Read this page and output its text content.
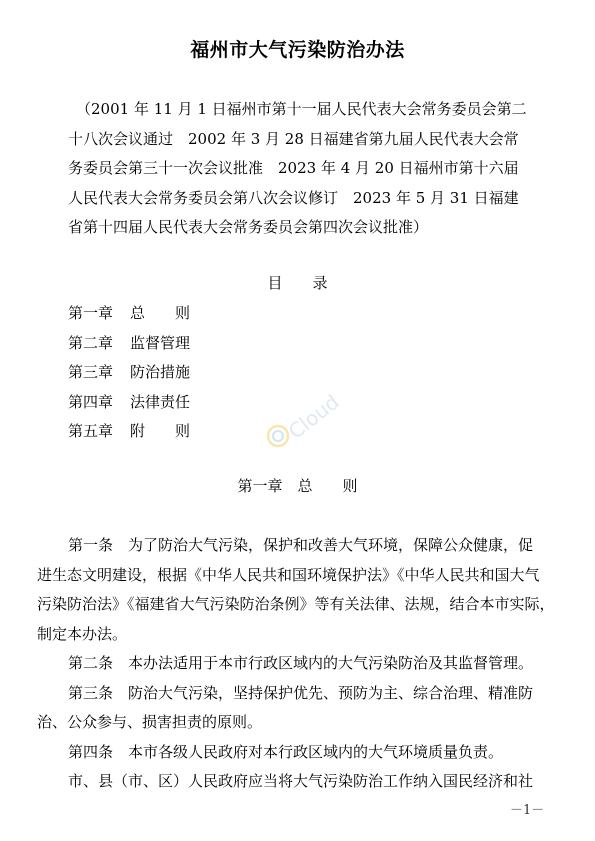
福州市大气污染防治办法
（2001 年 11 月 1 日福州市第十一届人民代表大会常务委员会第二
十八次会议通过　2002 年 3 月 28 日福建省第九届人民代表大会常
务委员会第三十一次会议批准　2023 年 4 月 20 日福州市第十六届
人民代表大会常务委员会第八次会议修订　2023 年 5 月 31 日福建
省第十四届人民代表大会常务委员会第四次会议批准）
目　　录
第一章 总　　则
第二章 监督管理
第三章 防治措施
第四章 法律责任
第五章 附　　则	Cloud
第一章　总　　则
第一条　为了防治大气污染，保护和改善大气环境，保障公众健康，促
进生态文明建设，根据《中华人民共和国环境保护法》《中华人民共和国大气
污染防治法》《福建省大气污染防治条例》等有关法律、法规，结合本市实际，
制定本办法。
第二条　本办法适用于本市行政区域内的大气污染防治及其监督管理。
第三条　防治大气污染，坚持保护优先、预防为主、综合治理、精准防
治、公众参与、损害担责的原则。
第四条　本市各级人民政府对本行政区域内的大气环境质量负责。
市、县（市、区）人民政府应当将大气污染防治工作纳入国民经济和社
－1－
